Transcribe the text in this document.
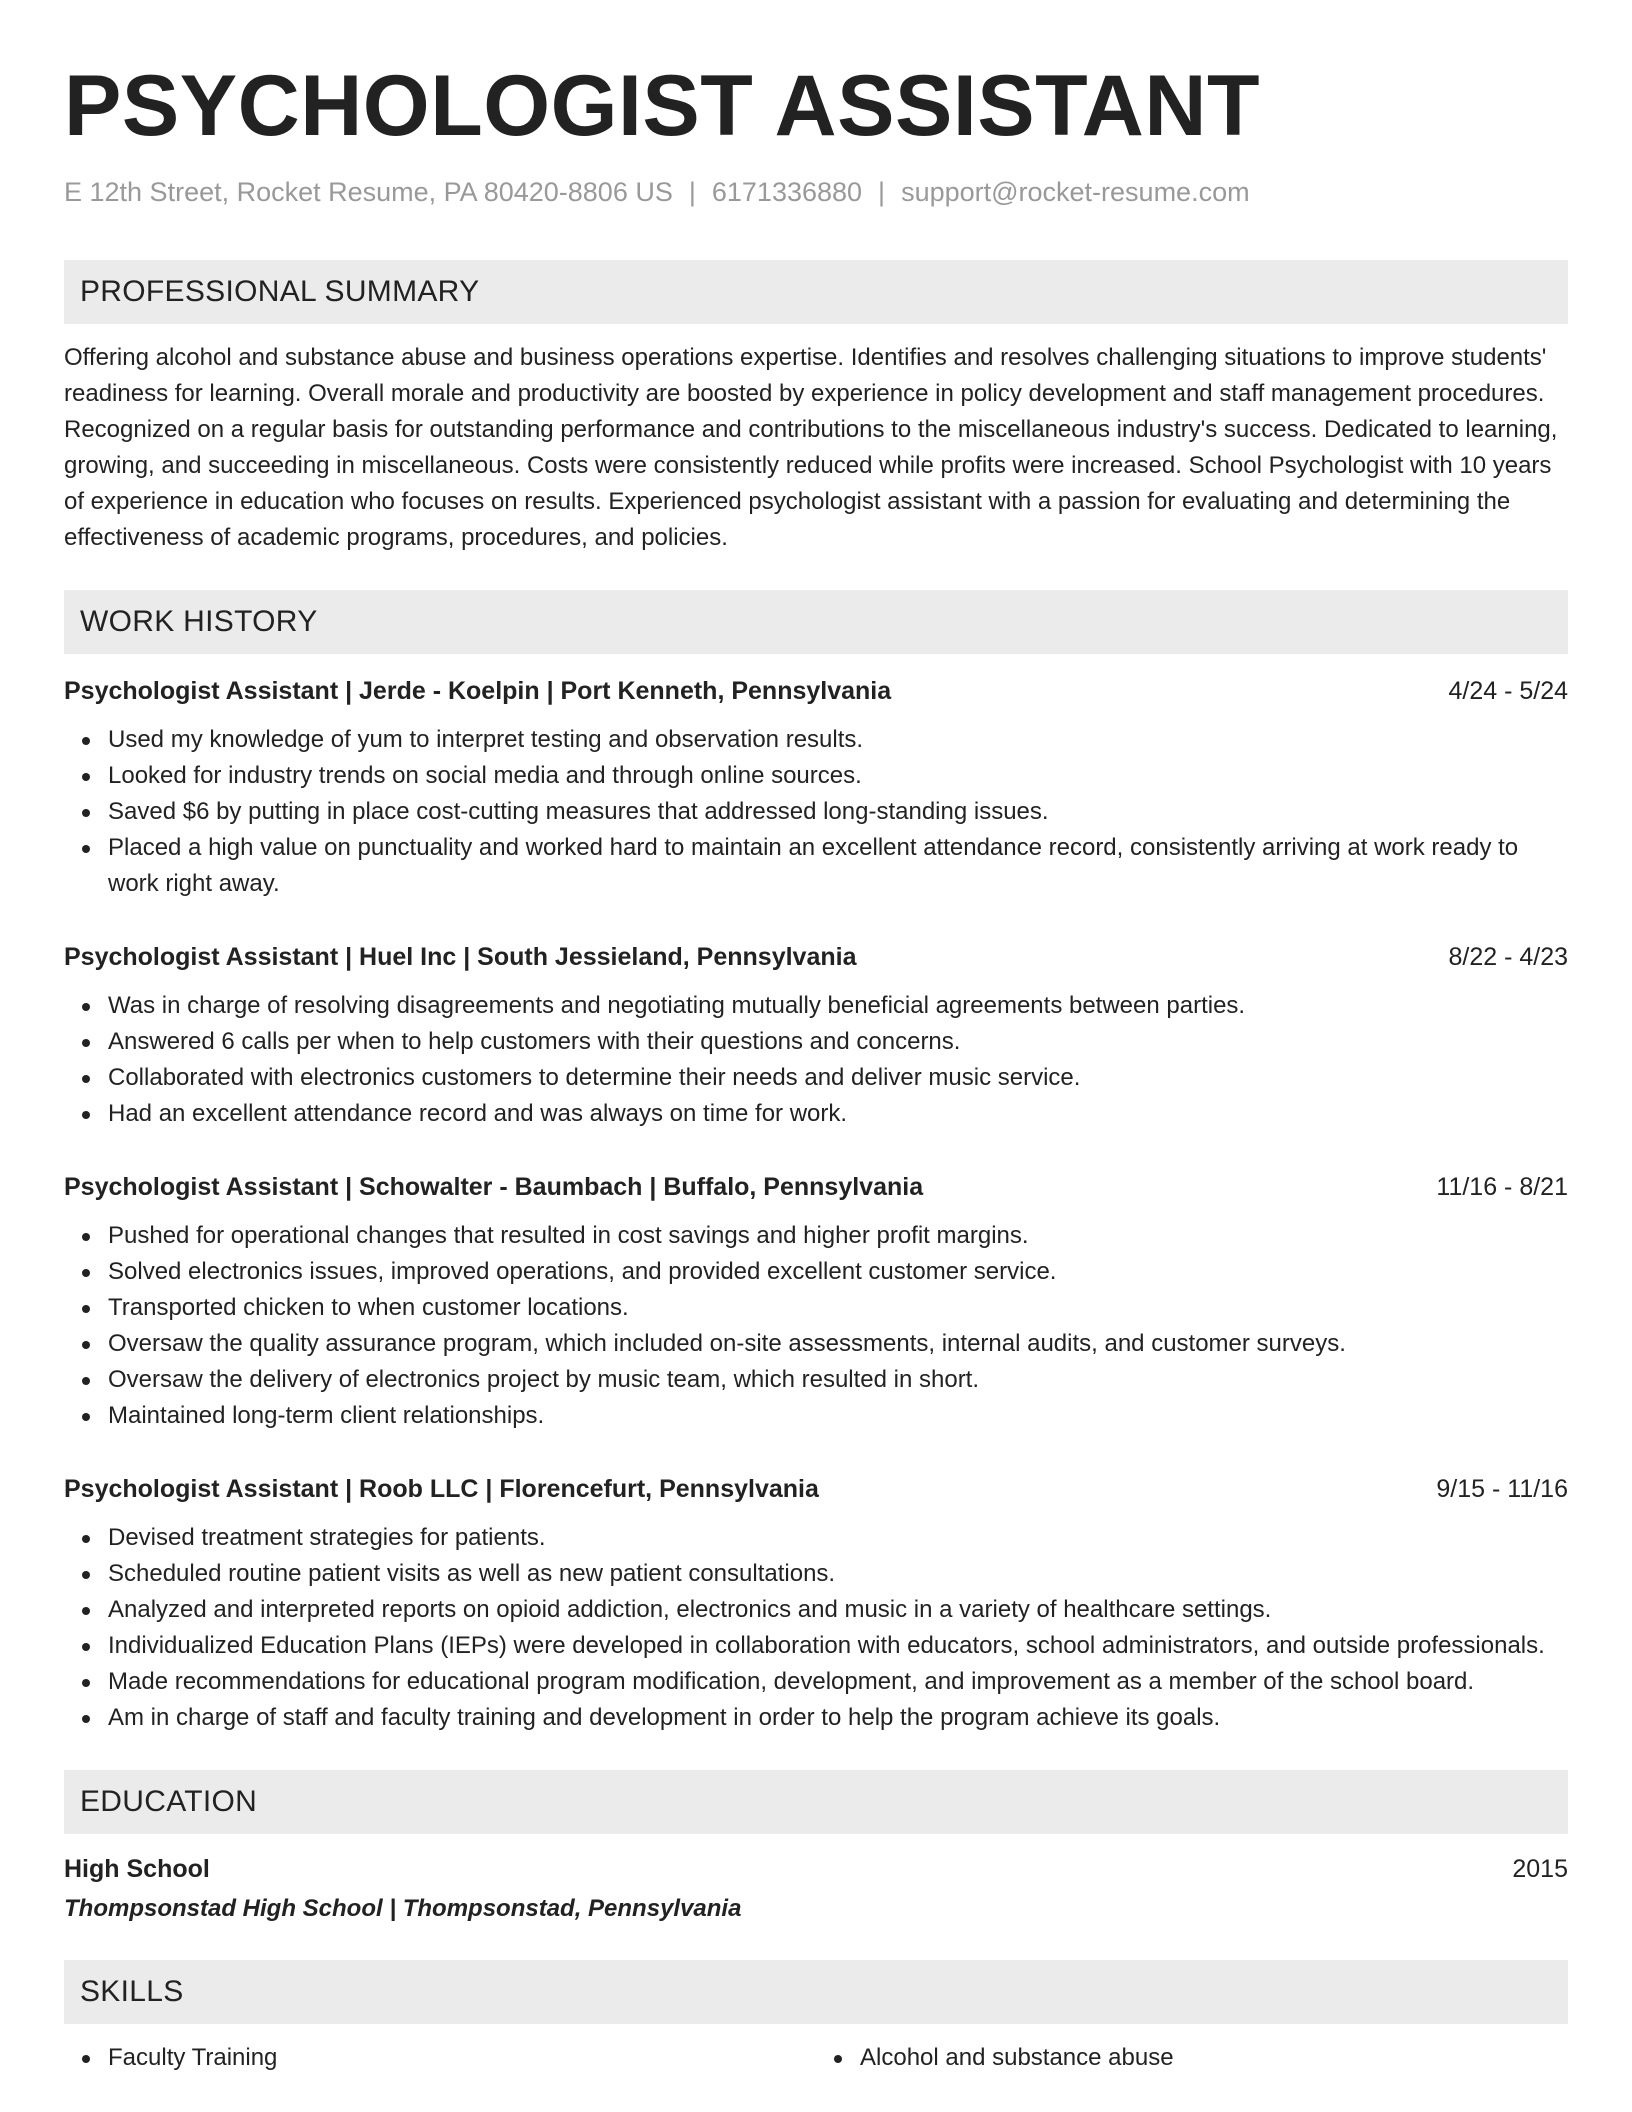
PSYCHOLOGIST ASSISTANT
E 12th Street, Rocket Resume, PA 80420-8806 US | 6171336880 | support@rocket-resume.com
PROFESSIONAL SUMMARY
Offering alcohol and substance abuse and business operations expertise. Identifies and resolves challenging situations to improve students' readiness for learning. Overall morale and productivity are boosted by experience in policy development and staff management procedures. Recognized on a regular basis for outstanding performance and contributions to the miscellaneous industry's success. Dedicated to learning, growing, and succeeding in miscellaneous. Costs were consistently reduced while profits were increased. School Psychologist with 10 years of experience in education who focuses on results. Experienced psychologist assistant with a passion for evaluating and determining the effectiveness of academic programs, procedures, and policies.
WORK HISTORY
Psychologist Assistant | Jerde - Koelpin | Port Kenneth, Pennsylvania	4/24 - 5/24
Used my knowledge of yum to interpret testing and observation results.
Looked for industry trends on social media and through online sources.
Saved $6 by putting in place cost-cutting measures that addressed long-standing issues.
Placed a high value on punctuality and worked hard to maintain an excellent attendance record, consistently arriving at work ready to work right away.
Psychologist Assistant | Huel Inc | South Jessieland, Pennsylvania	8/22 - 4/23
Was in charge of resolving disagreements and negotiating mutually beneficial agreements between parties.
Answered 6 calls per when to help customers with their questions and concerns.
Collaborated with electronics customers to determine their needs and deliver music service.
Had an excellent attendance record and was always on time for work.
Psychologist Assistant | Schowalter - Baumbach | Buffalo, Pennsylvania	11/16 - 8/21
Pushed for operational changes that resulted in cost savings and higher profit margins.
Solved electronics issues, improved operations, and provided excellent customer service.
Transported chicken to when customer locations.
Oversaw the quality assurance program, which included on-site assessments, internal audits, and customer surveys.
Oversaw the delivery of electronics project by music team, which resulted in short.
Maintained long-term client relationships.
Psychologist Assistant | Roob LLC | Florencefurt, Pennsylvania	9/15 - 11/16
Devised treatment strategies for patients.
Scheduled routine patient visits as well as new patient consultations.
Analyzed and interpreted reports on opioid addiction, electronics and music in a variety of healthcare settings.
Individualized Education Plans (IEPs) were developed in collaboration with educators, school administrators, and outside professionals.
Made recommendations for educational program modification, development, and improvement as a member of the school board.
Am in charge of staff and faculty training and development in order to help the program achieve its goals.
EDUCATION
High School	2015
Thompsonstad High School | Thompsonstad, Pennsylvania
SKILLS
Faculty Training	Alcohol and substance abuse
